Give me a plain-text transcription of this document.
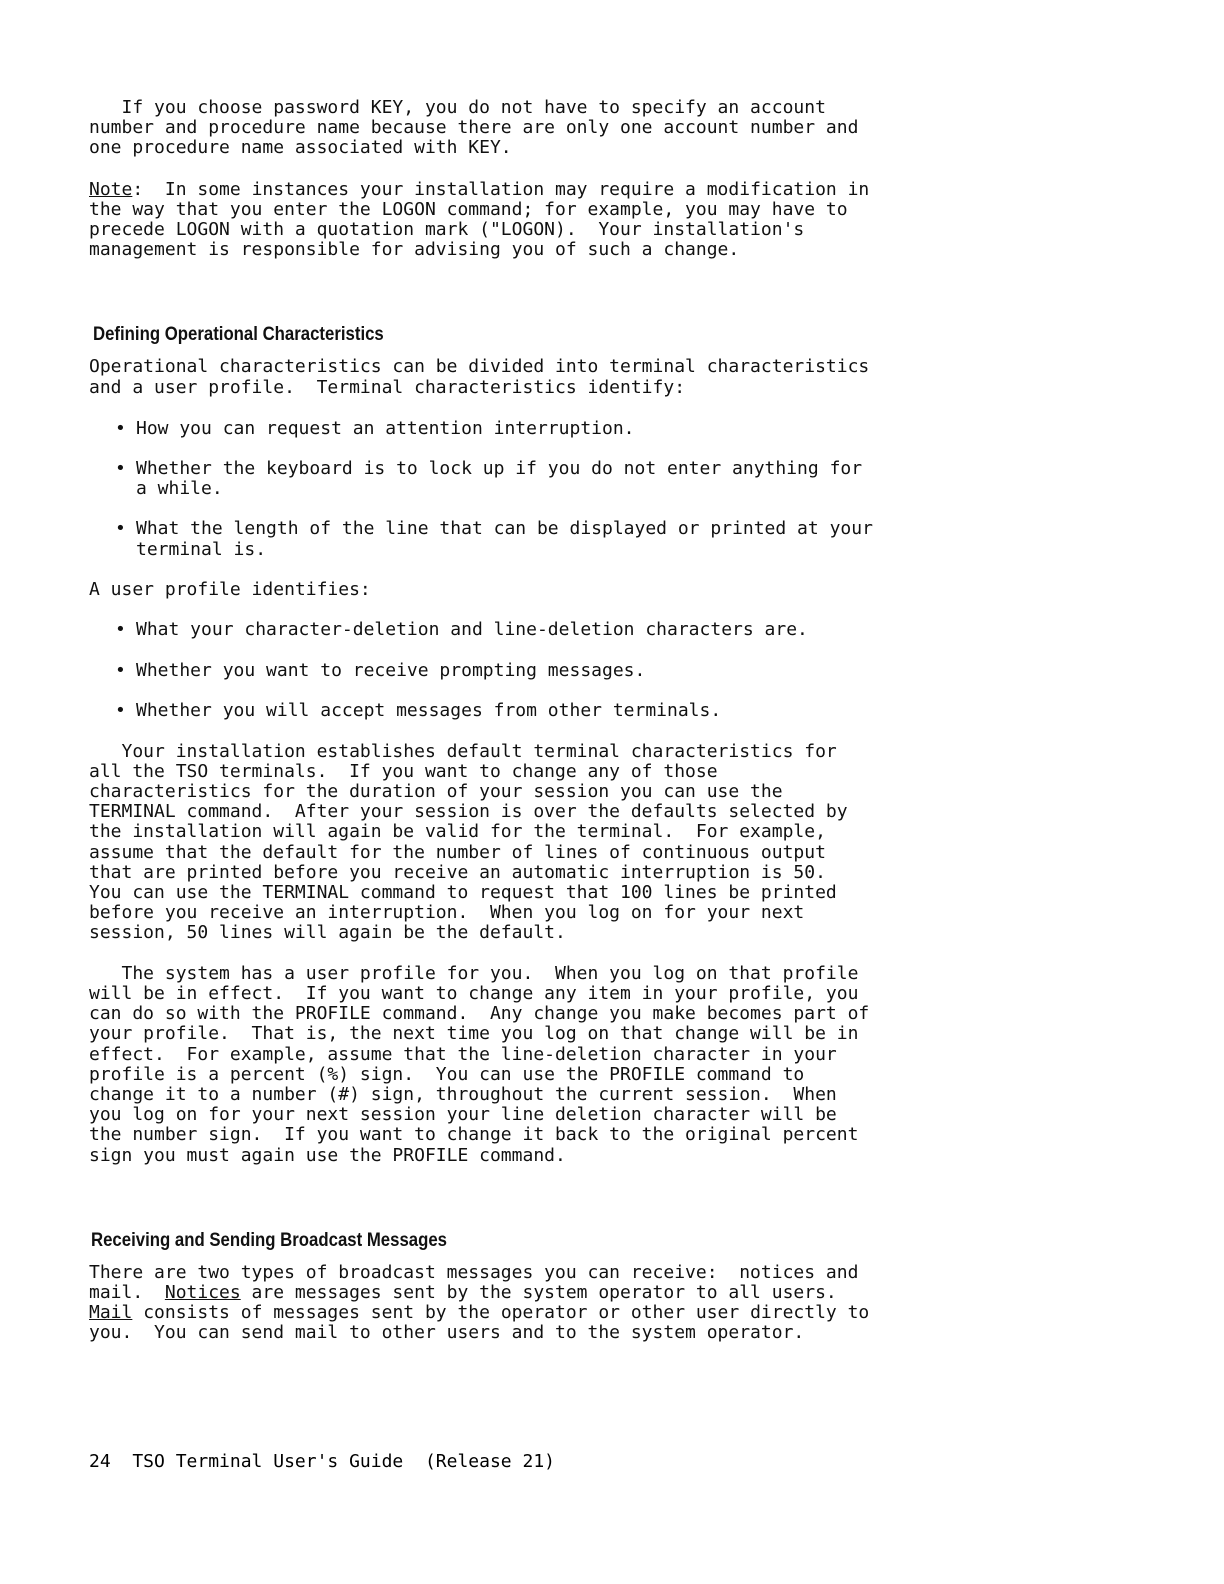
If you choose password KEY, you do not have to specify an account

number and procedure name because there are only one account number and

one procedure name associated with KEY.

Note:  In some instances your installation may require a modification in

the way that you enter the LOGON command; for example, you may have to

precede LOGON with a quotation mark ("LOGON).  Your installation's

management is responsible for advising you of such a change.

Defining Operational Characteristics

Operational characteristics can be divided into terminal characteristics

and a user profile.  Terminal characteristics identify:

• How you can request an attention interruption.
• Whether the keyboard is to lock up if you do not enter anything for
a while.
• What the length of the line that can be displayed or printed at your
terminal is.

A user profile identifies:

• What your character-deletion and line-deletion characters are.
• Whether you want to receive prompting messages.
• Whether you will accept messages from other terminals.

Your installation establishes default terminal characteristics for

all the TSO terminals.  If you want to change any of those

characteristics for the duration of your session you can use the

TERMINAL command.  After your session is over the defaults selected by

the installation will again be valid for the terminal.  For example,

assume that the default for the number of lines of continuous output

that are printed before you receive an automatic interruption is 50.

You can use the TERMINAL command to request that 100 lines be printed

before you receive an interruption.  When you log on for your next

session, 50 lines will again be the default.

The system has a user profile for you.  When you log on that profile

will be in effect.  If you want to change any item in your profile, you

can do so with the PROFILE command.  Any change you make becomes part of

your profile.  That is, the next time you log on that change will be in

effect.  For example, assume that the line-deletion character in your

profile is a percent (%) sign.  You can use the PROFILE command to

change it to a number (#) sign, throughout the current session.  When

you log on for your next session your line deletion character will be

the number sign.  If you want to change it back to the original percent

sign you must again use the PROFILE command.

Receiving and Sending Broadcast Messages

There are two types of broadcast messages you can receive:  notices and

mail.  Notices are messages sent by the system operator to all users.

Mail consists of messages sent by the operator or other user directly to

you.  You can send mail to other users and to the system operator.

24  TSO Terminal User's Guide  (Release 21)
